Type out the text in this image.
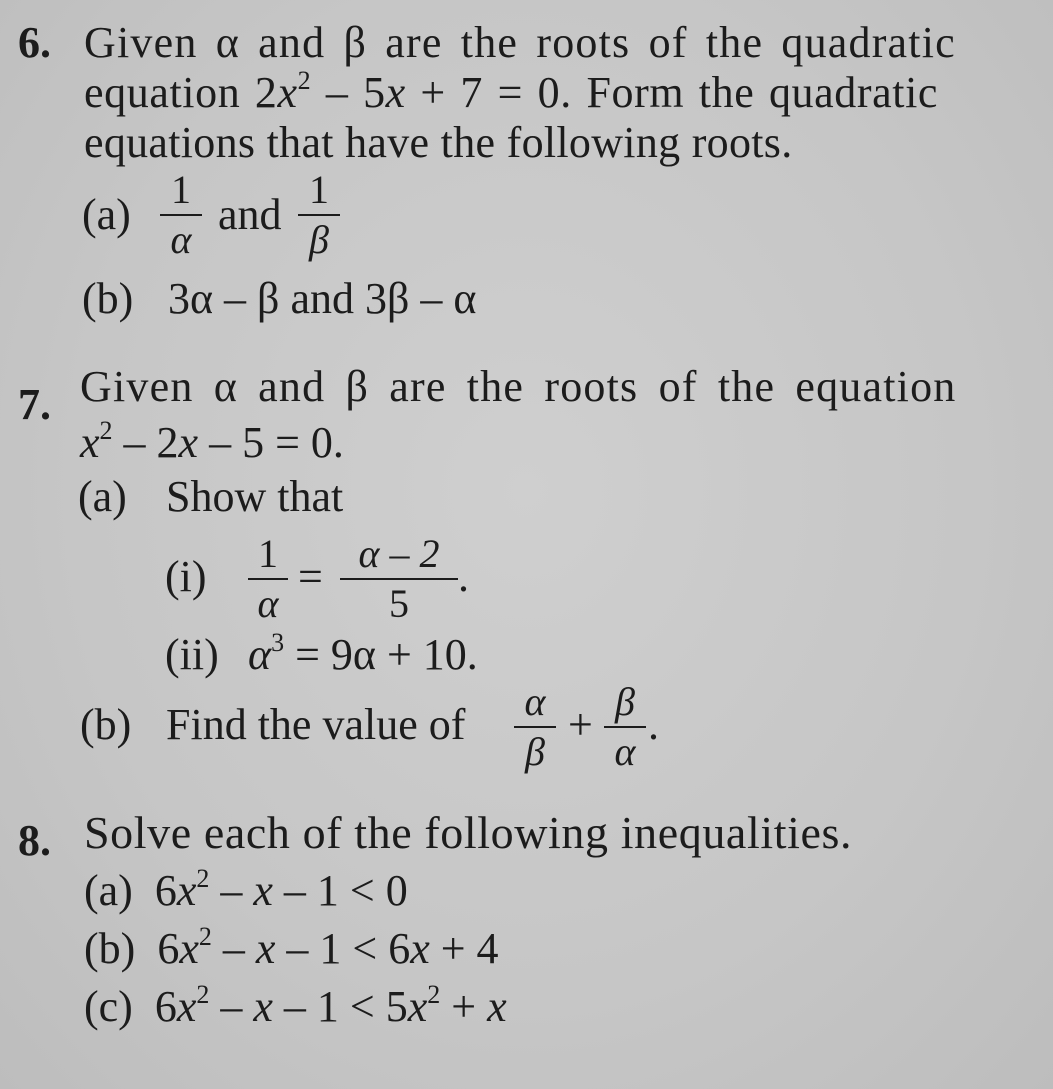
6. Given α and β are the roots of the quadratic
equation $2x^2 - 5x + 7 = 0$. Form the quadratic
equations that have the following roots.
(a)
1
α
and
1
β
(b) 3α – β and 3β – α
7. Given α and β are the roots of the equation
$x^2 - 2x - 5 = 0$.
(a) Show that
(i) 1
α
= α – 2
5
.
(ii) $\alpha^3 = 9\alpha + 10$.
(b) Find the value of α
β
+ β
α
.
8. Solve each of the following inequalities.
(a) $6x^2 - x - 1 < 0$
(b) $6x^2 - x - 1 < 6x + 4$
(c) $6x^2 - x - 1 < 5x^2 + x$
